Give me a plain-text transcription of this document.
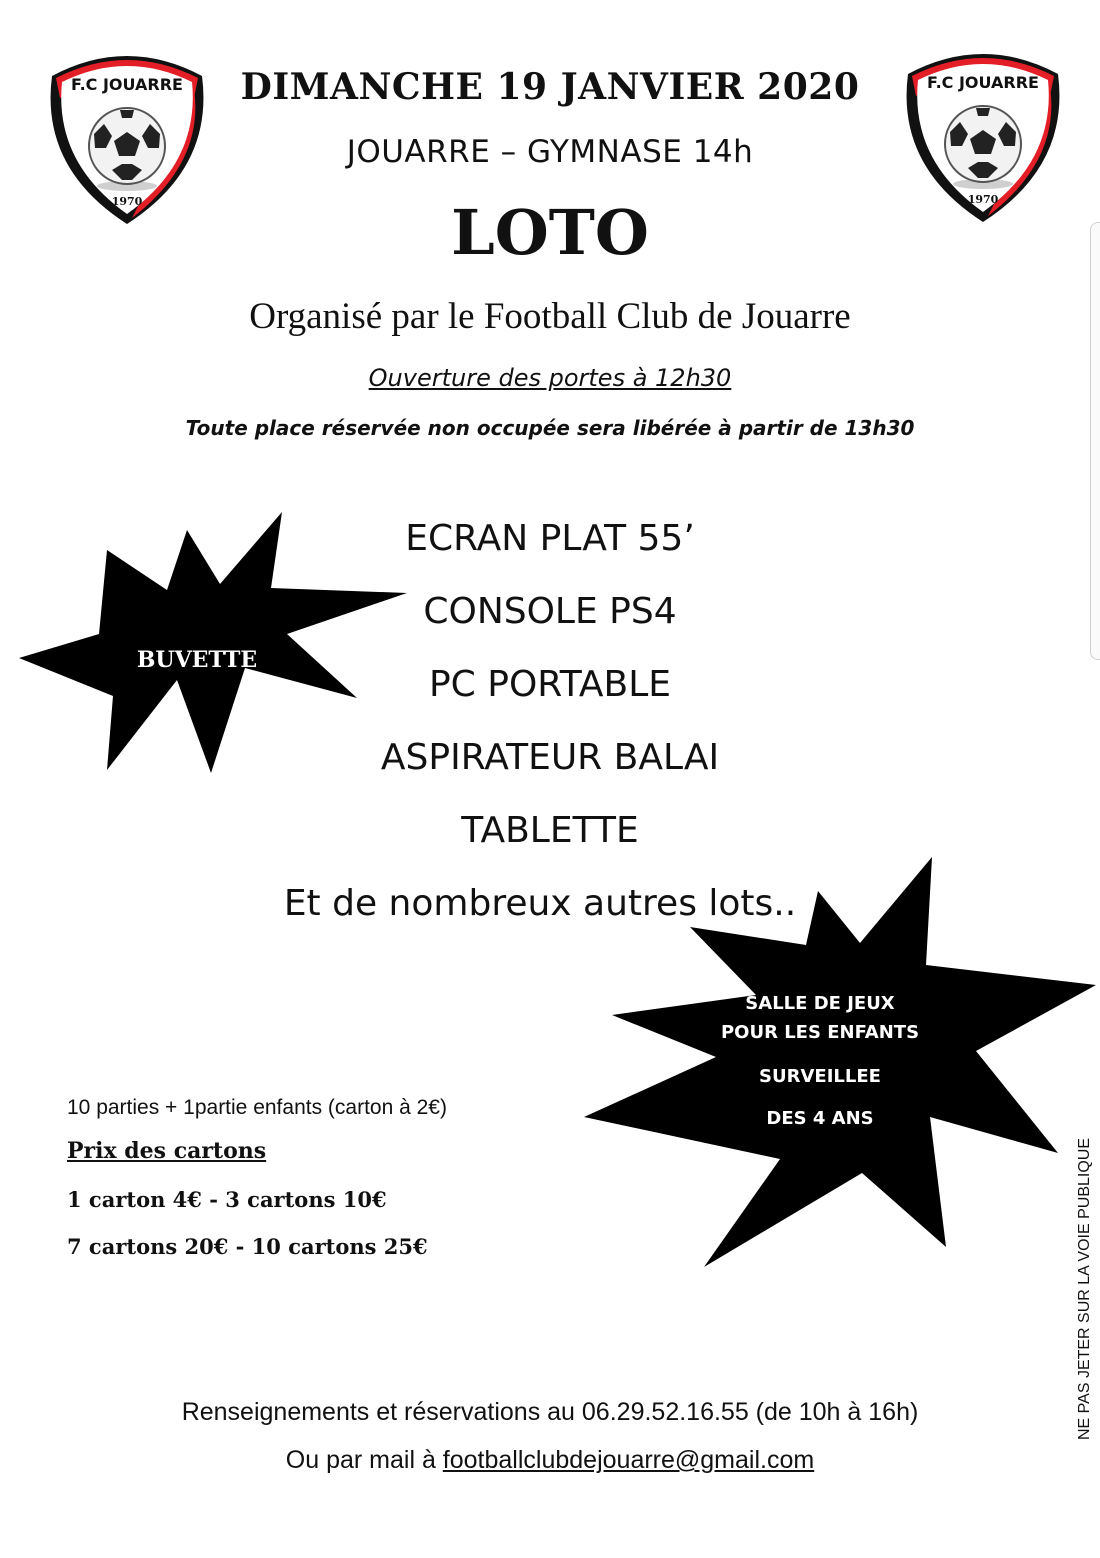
F.C JOUARRE
1970
F.C JOUARRE
1970
DIMANCHE 19 JANVIER 2020
JOUARRE – GYMNASE 14h
LOTO
Organisé par le Football Club de Jouarre
Ouverture des portes à 12h30
Toute place réservée non occupée sera libérée à partir de 13h30
BUVETTE
ECRAN PLAT 55’
CONSOLE PS4
PC PORTABLE
ASPIRATEUR BALAI
TABLETTE
Et de nombreux autres lots..
SALLE DE JEUX
POUR LES ENFANTS
SURVEILLEE
DES 4 ANS
10 parties + 1partie enfants (carton à 2€)
Prix des cartons
1 carton 4€ - 3 cartons 10€
7 cartons 20€ - 10 cartons 25€
Renseignements et réservations au 06.29.52.16.55 (de 10h à 16h)
Ou par mail à footballclubdejouarre@gmail.com
NE PAS JETER SUR LA VOIE PUBLIQUE
